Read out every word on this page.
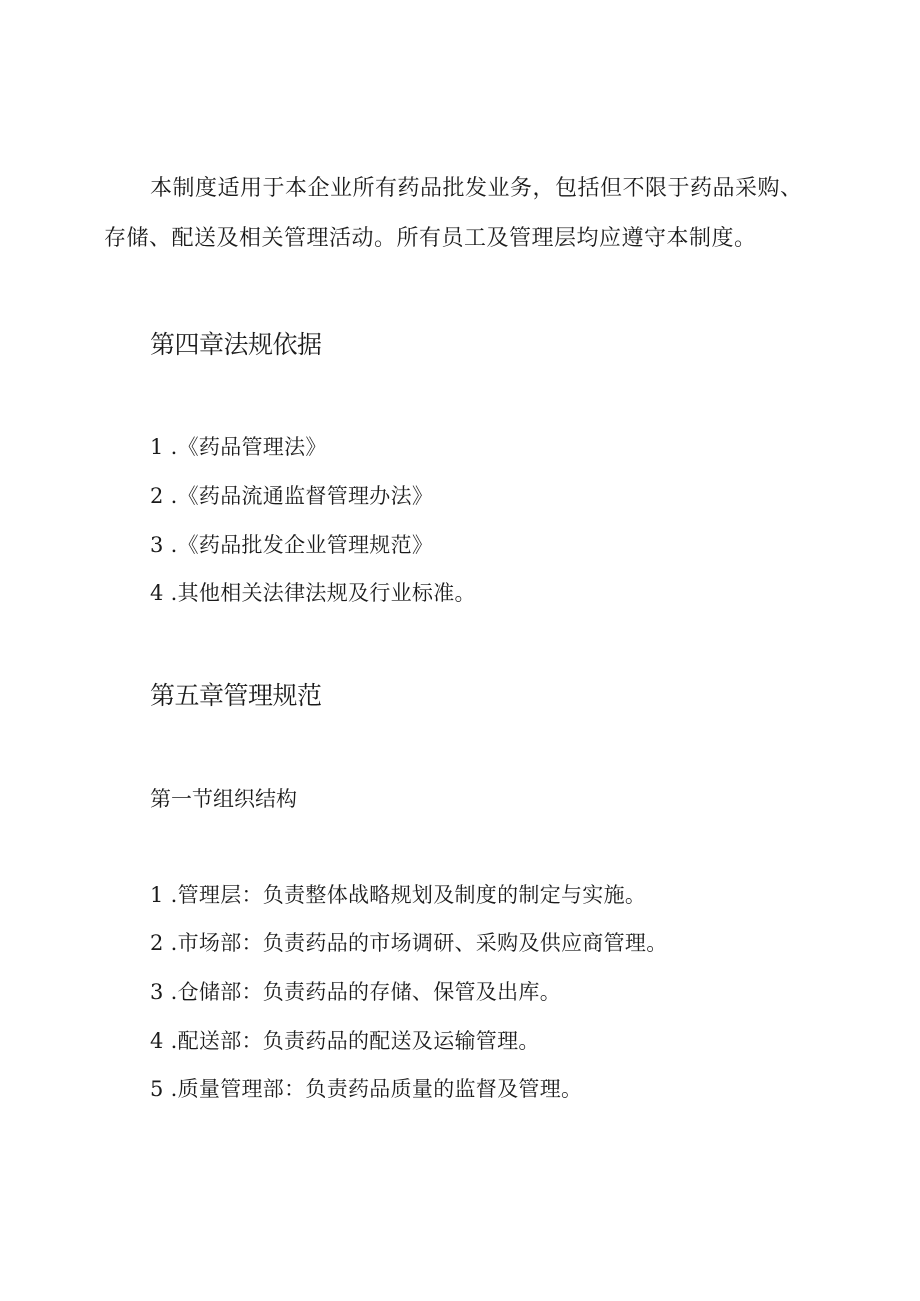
本制度适用于本企业所有药品批发业务，包括但不限于药品采购、
存储、配送及相关管理活动。所有员工及管理层均应遵守本制度。
第四章法规依据
1 .《药品管理法》
2 .《药品流通监督管理办法》
3 .《药品批发企业管理规范》
4 .其他相关法律法规及行业标准。
第五章管理规范
第一节组织结构
1 .管理层：负责整体战略规划及制度的制定与实施。
2 .市场部：负责药品的市场调研、采购及供应商管理。
3 .仓储部：负责药品的存储、保管及出库。
4 .配送部：负责药品的配送及运输管理。
5 .质量管理部：负责药品质量的监督及管理。
